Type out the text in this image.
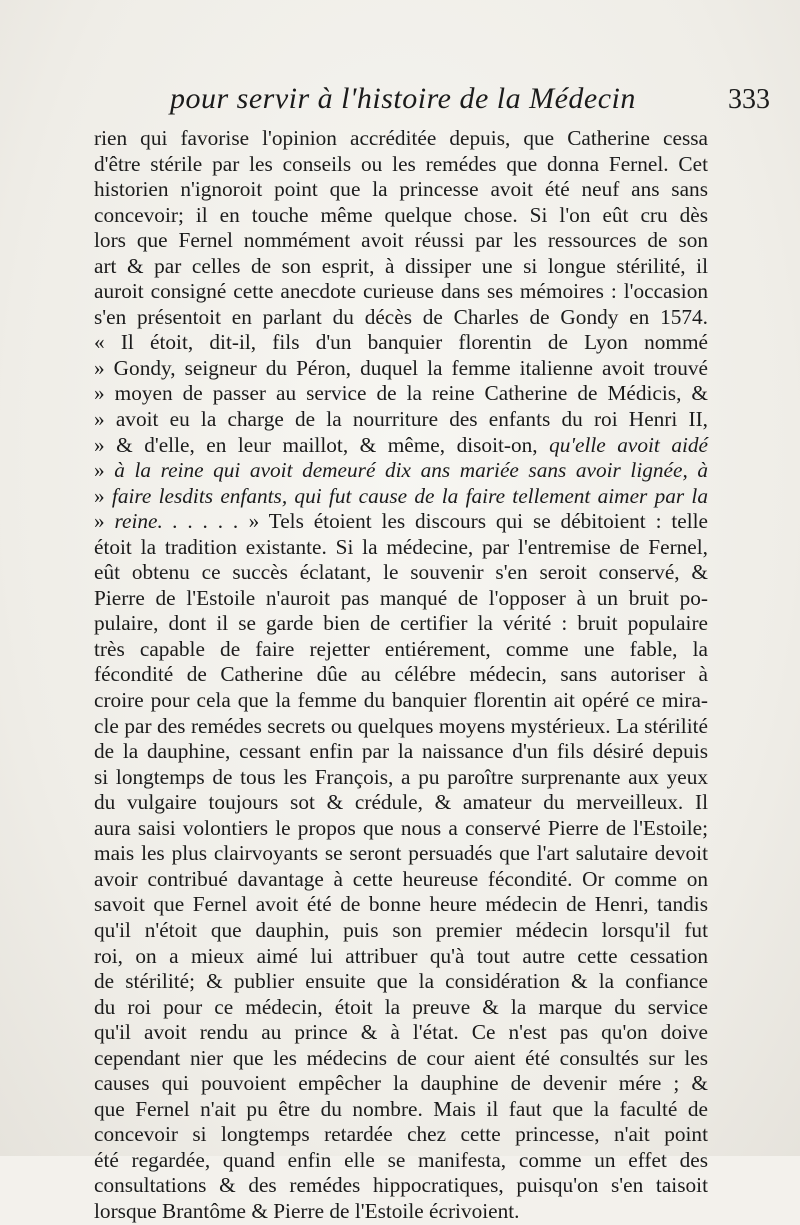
pour servir à l'histoire de la Médecin	333
rien qui favorise l'opinion accréditée depuis, que Catherine cessa
d'être stérile par les conseils ou les remédes que donna Fernel. Cet
historien n'ignoroit point que la princesse avoit été neuf ans sans
concevoir; il en touche même quelque chose. Si l'on eût cru dès
lors que Fernel nommément avoit réussi par les ressources de son
art & par celles de son esprit, à dissiper une si longue stérilité, il
auroit consigné cette anecdote curieuse dans ses mémoires : l'occasion
s'en présentoit en parlant du décès de Charles de Gondy en 1574.
« Il étoit, dit-il, fils d'un banquier florentin de Lyon nommé
» Gondy, seigneur du Péron, duquel la femme italienne avoit trouvé
» moyen de passer au service de la reine Catherine de Médicis, &
» avoit eu la charge de la nourriture des enfants du roi Henri II,
» & d'elle, en leur maillot, & même, disoit-on, qu'elle avoit aidé
» à la reine qui avoit demeuré dix ans mariée sans avoir lignée, à
» faire lesdits enfants, qui fut cause de la faire tellement aimer par la
» reine. . . . . . » Tels étoient les discours qui se débitoient : telle
étoit la tradition existante. Si la médecine, par l'entremise de Fernel,
eût obtenu ce succès éclatant, le souvenir s'en seroit conservé, &
Pierre de l'Estoile n'auroit pas manqué de l'opposer à un bruit po-
pulaire, dont il se garde bien de certifier la vérité : bruit populaire
très capable de faire rejetter entiérement, comme une fable, la
fécondité de Catherine dûe au célébre médecin, sans autoriser à
croire pour cela que la femme du banquier florentin ait opéré ce mira-
cle par des remédes secrets ou quelques moyens mystérieux. La stérilité
de la dauphine, cessant enfin par la naissance d'un fils désiré depuis
si longtemps de tous les François, a pu paroître surprenante aux yeux
du vulgaire toujours sot & crédule, & amateur du merveilleux. Il
aura saisi volontiers le propos que nous a conservé Pierre de l'Estoile;
mais les plus clairvoyants se seront persuadés que l'art salutaire devoit
avoir contribué davantage à cette heureuse fécondité. Or comme on
savoit que Fernel avoit été de bonne heure médecin de Henri, tandis
qu'il n'étoit que dauphin, puis son premier médecin lorsqu'il fut
roi, on a mieux aimé lui attribuer qu'à tout autre cette cessation
de stérilité; & publier ensuite que la considération & la confiance
du roi pour ce médecin, étoit la preuve & la marque du service
qu'il avoit rendu au prince & à l'état. Ce n'est pas qu'on doive
cependant nier que les médecins de cour aient été consultés sur les
causes qui pouvoient empêcher la dauphine de devenir mére ; &
que Fernel n'ait pu être du nombre. Mais il faut que la faculté de
concevoir si longtemps retardée chez cette princesse, n'ait point
été regardée, quand enfin elle se manifesta, comme un effet des
consultations & des remédes hippocratiques, puisqu'on s'en taisoit
lorsque Brantôme & Pierre de l'Estoile écrivoient.
